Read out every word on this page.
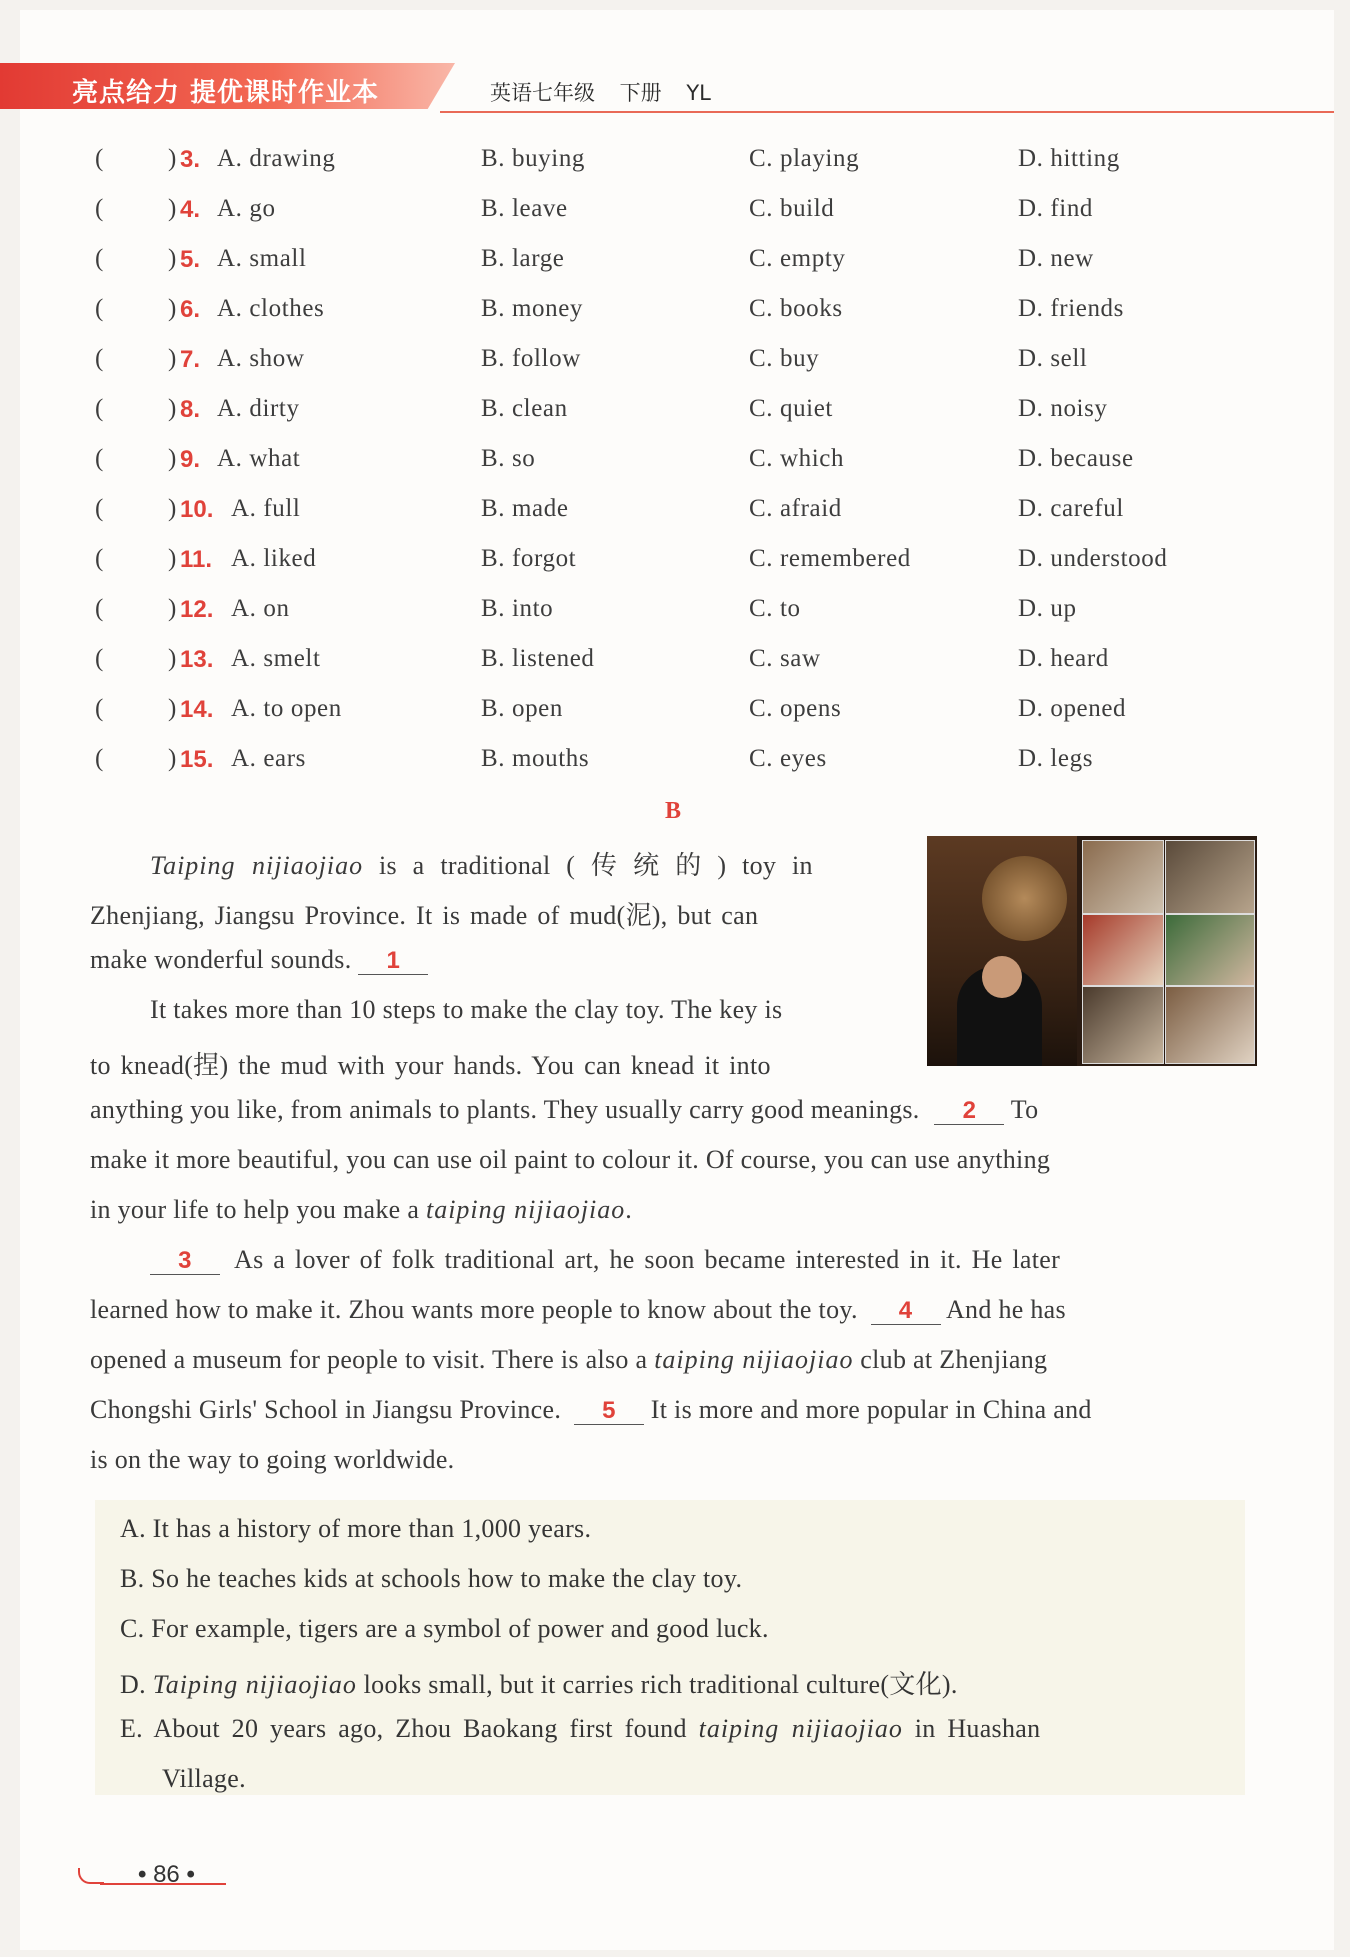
亮点给力 提优课时作业本	英语七年级 下册 YL
(	) 3. A. drawing	B. buying	C. playing	D. hitting
(	) 4. A. go	B. leave	C. build	D. find
(	) 5. A. small	B. large	C. empty	D. new
(	) 6. A. clothes	B. money	C. books	D. friends
(	) 7. A. show	B. follow	C. buy	D. sell
(	) 8. A. dirty	B. clean	C. quiet	D. noisy
(	) 9. A. what	B. so	C. which	D. because
(	) 10. A. full	B. made	C. afraid	D. careful
(	) 11. A. liked	B. forgot	C. remembered	D. understood
(	) 12. A. on	B. into	C. to	D. up
(	) 13. A. smelt	B. listened	C. saw	D. heard
(	) 14. A. to open	B. open	C. opens	D. opened
(	) 15. A. ears	B. mouths	C. eyes	D. legs
B
Taiping nijiaojiao is a traditional ( 传 统 的 ) toy in
Zhenjiang, Jiangsu Province. It is made of mud(泥), but can
make wonderful sounds. 1
It takes more than 10 steps to make the clay toy. The key is
to knead(捏) the mud with your hands. You can knead it into
anything you like, from animals to plants. They usually carry good meanings. 2 To
make it more beautiful, you can use oil paint to colour it. Of course, you can use anything
in your life to help you make a taiping nijiaojiao.
3 As a lover of folk traditional art, he soon became interested in it. He later
learned how to make it. Zhou wants more people to know about the toy. 4 And he has
opened a museum for people to visit. There is also a taiping nijiaojiao club at Zhenjiang
Chongshi Girls' School in Jiangsu Province. 5 It is more and more popular in China and
is on the way to going worldwide.
A. It has a history of more than 1,000 years.
B. So he teaches kids at schools how to make the clay toy.
C. For example, tigers are a symbol of power and good luck.
D. Taiping nijiaojiao looks small, but it carries rich traditional culture(文化).
E. About 20 years ago, Zhou Baokang first found taiping nijiaojiao in Huashan
Village.
• 86 •
